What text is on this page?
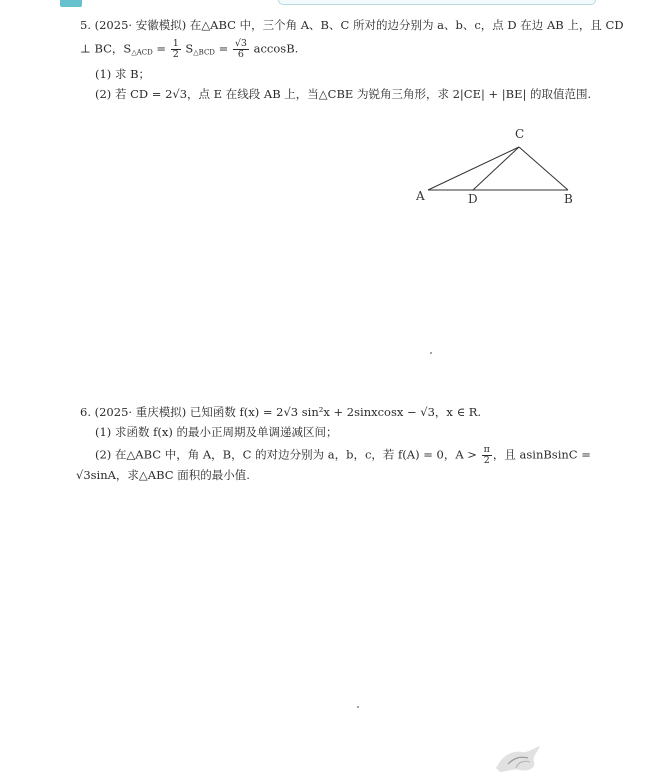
5. (2025· 安徽模拟) 在△ABC 中，三个角 A、B、C 所对的边分别为 a、b、c，点 D 在边 AB 上，且 CD
⊥ BC，$S_{\triangle ACD} = \frac{1}{2} S_{\triangle BCD} = \frac{√3}{6} accosB$.
(1) 求 B；
(2) 若 CD = 2√3，点 E 在线段 AB 上，当△CBE 为锐角三角形，求 2|CE| + |BE| 的取值范围.
C
A	D	B
6. (2025· 重庆模拟) 已知函数 f(x) = 2√3 sin²x + 2sinxcosx − √3，x ∈ R.
(1) 求函数 f(x) 的最小正周期及单调递减区间；
(2) 在△ABC 中，角 A，B，C 的对边分别为 a，b，c，若 f(A) = 0，$A > \frac{\pi}{2}$ ，且 asinBsinC =
√3sinA，求△ABC 面积的最小值.
